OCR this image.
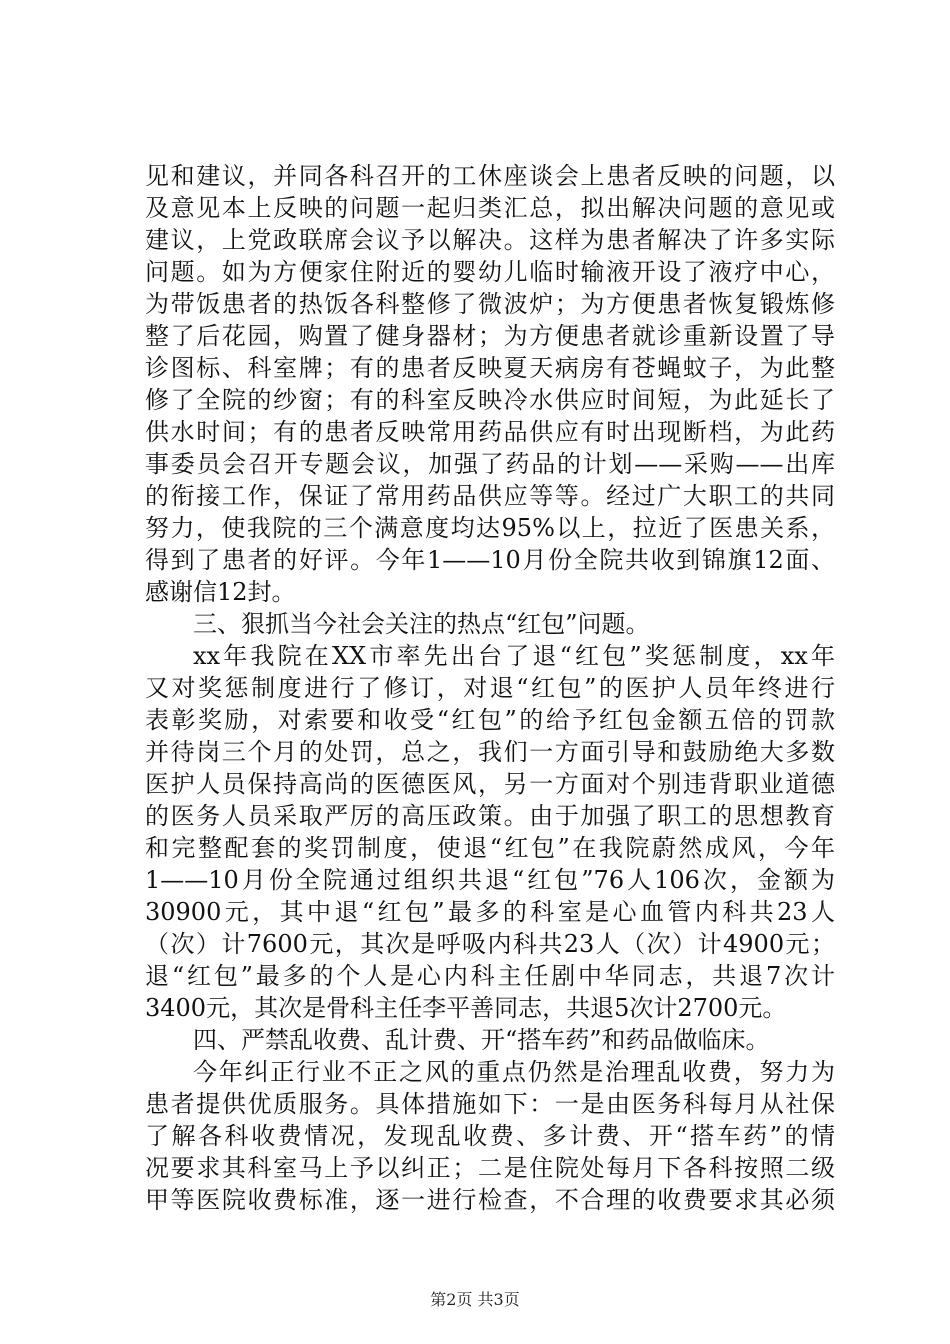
见和建议，并同各科召开的工休座谈会上患者反映的问题，以
及意见本上反映的问题一起归类汇总，拟出解决问题的意见或
建议，上党政联席会议予以解决。这样为患者解决了许多实际
问题。如为方便家住附近的婴幼儿临时输液开设了液疗中心，
为带饭患者的热饭各科整修了微波炉；为方便患者恢复锻炼修
整了后花园，购置了健身器材；为方便患者就诊重新设置了导
诊图标、科室牌；有的患者反映夏天病房有苍蝇蚊子，为此整
修了全院的纱窗；有的科室反映冷水供应时间短，为此延长了
供水时间；有的患者反映常用药品供应有时出现断档，为此药
事委员会召开专题会议，加强了药品的计划——采购——出库
的衔接工作，保证了常用药品供应等等。经过广大职工的共同
努力，使我院的三个满意度均达95%以上，拉近了医患关系，
得到了患者的好评。今年1——10月份全院共收到锦旗12面、
感谢信12封。
三、狠抓当今社会关注的热点“红包”问题。
xx年我院在XX市率先出台了退“红包”奖惩制度，xx年
又对奖惩制度进行了修订，对退“红包”的医护人员年终进行
表彰奖励，对索要和收受“红包”的给予红包金额五倍的罚款
并待岗三个月的处罚，总之，我们一方面引导和鼓励绝大多数
医护人员保持高尚的医德医风，另一方面对个别违背职业道德
的医务人员采取严厉的高压政策。由于加强了职工的思想教育
和完整配套的奖罚制度，使退“红包”在我院蔚然成风，今年
1——10月份全院通过组织共退“红包”76人106次，金额为
30900元，其中退“红包”最多的科室是心血管内科共23人
（次）计7600元，其次是呼吸内科共23人（次）计4900元；
退“红包”最多的个人是心内科主任剧中华同志，共退7次计
3400元，其次是骨科主任李平善同志，共退5次计2700元。
四、严禁乱收费、乱计费、开“搭车药”和药品做临床。
今年纠正行业不正之风的重点仍然是治理乱收费，努力为
患者提供优质服务。具体措施如下：一是由医务科每月从社保
了解各科收费情况，发现乱收费、多计费、开“搭车药”的情
况要求其科室马上予以纠正；二是住院处每月下各科按照二级
甲等医院收费标准，逐一进行检查，不合理的收费要求其必须
第2页 共3页
